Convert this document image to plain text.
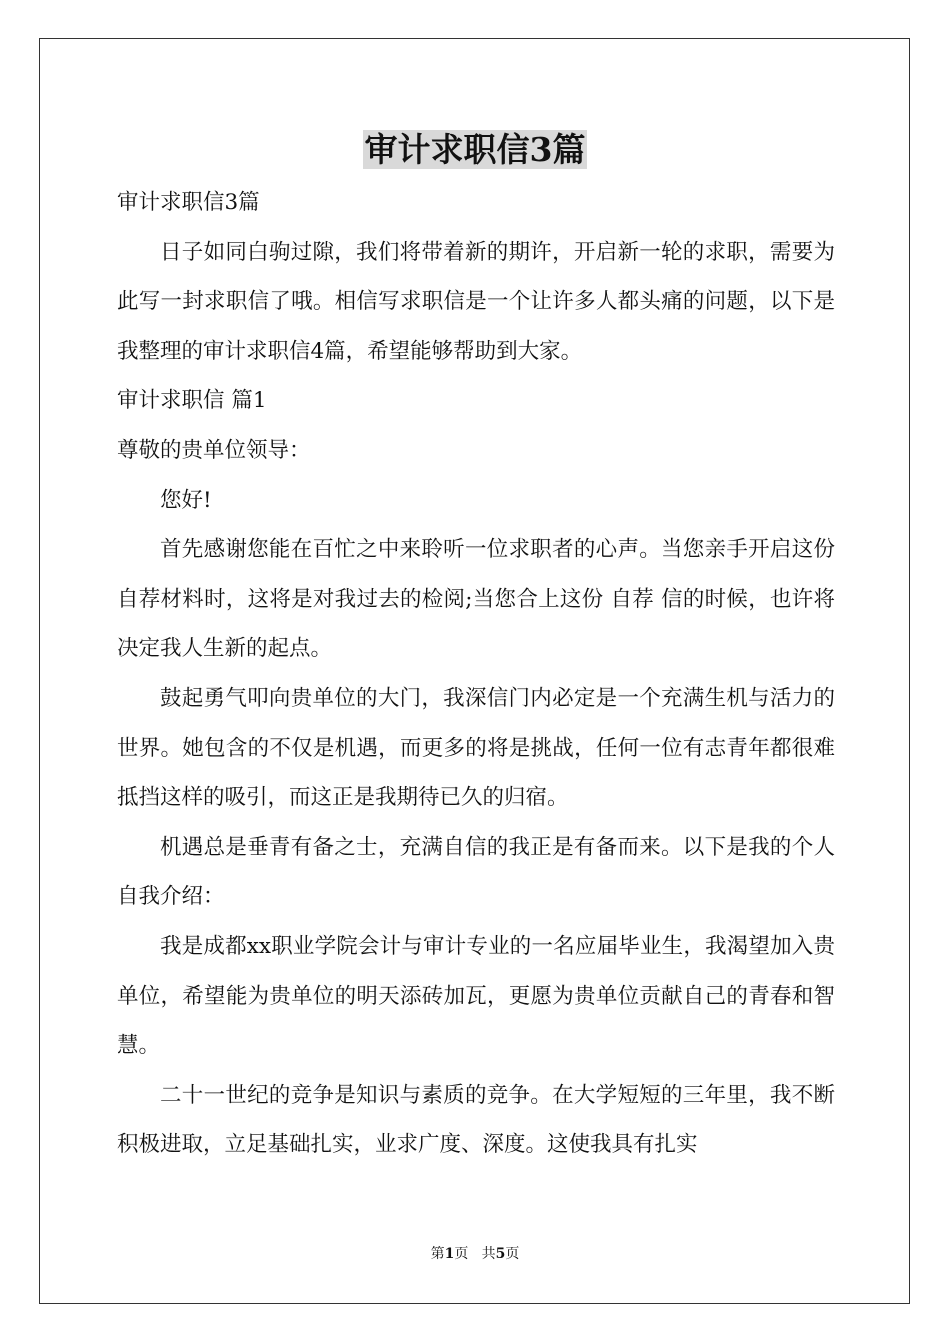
审计求职信3篇
审计求职信3篇
日子如同白驹过隙，我们将带着新的期许，开启新一轮的求职，需要为此写一封求职信了哦。相信写求职信是一个让许多人都头痛的问题，以下是我整理的审计求职信4篇，希望能够帮助到大家。
审计求职信 篇1
尊敬的贵单位领导：
您好!
首先感谢您能在百忙之中来聆听一位求职者的心声。当您亲手开启这份自荐材料时，这将是对我过去的检阅;当您合上这份 自荐 信的时候，也许将决定我人生新的起点。
鼓起勇气叩向贵单位的大门，我深信门内必定是一个充满生机与活力的世界。她包含的不仅是机遇，而更多的将是挑战，任何一位有志青年都很难抵挡这样的吸引，而这正是我期待已久的归宿。
机遇总是垂青有备之士，充满自信的我正是有备而来。以下是我的个人自我介绍：
我是成都xx职业学院会计与审计专业的一名应届毕业生，我渴望加入贵单位，希望能为贵单位的明天添砖加瓦，更愿为贵单位贡献自己的青春和智慧。
二十一世纪的竞争是知识与素质的竞争。在大学短短的三年里，我不断积极进取，立足基础扎实，业求广度、深度。这使我具有扎实
第1页   共5页
